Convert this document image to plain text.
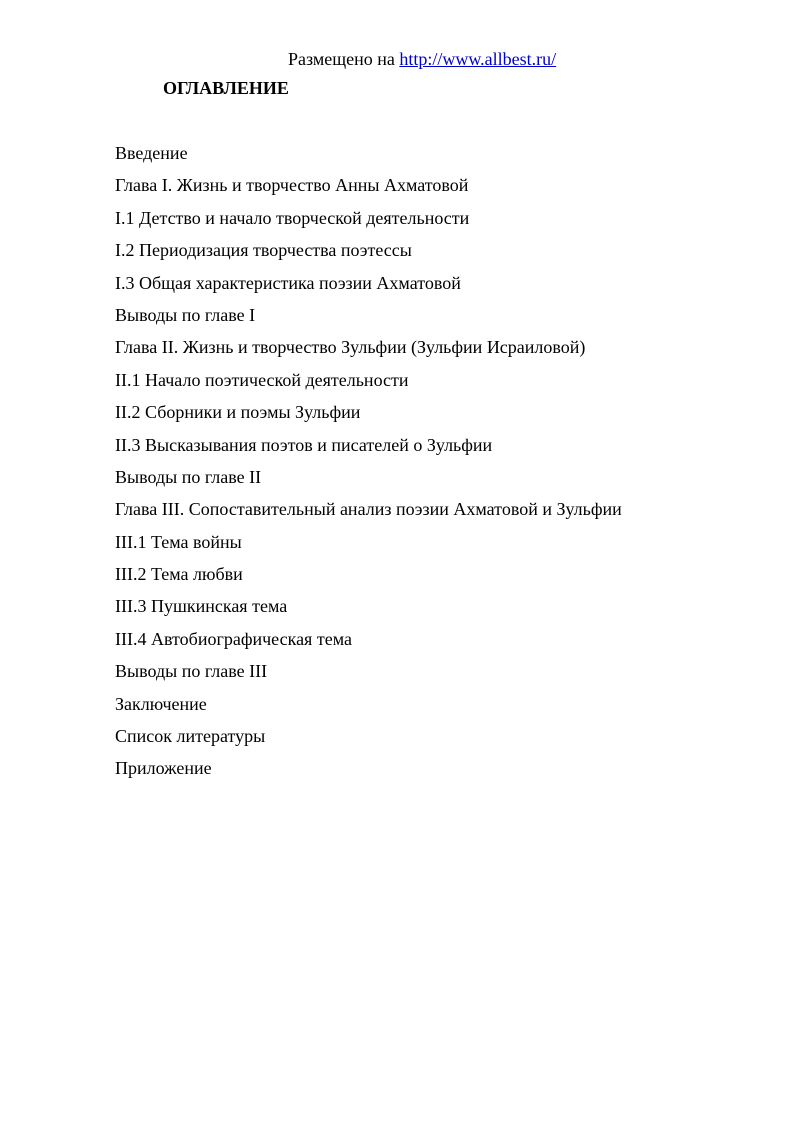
Размещено на http://www.allbest.ru/
ОГЛАВЛЕНИЕ
Введение
Глава I. Жизнь и творчество Анны Ахматовой
I.1 Детство и начало творческой деятельности
I.2 Периодизация творчества поэтессы
I.3 Общая характеристика поэзии Ахматовой
Выводы по главе I
Глава II. Жизнь и творчество Зульфии (Зульфии Исраиловой)
II.1 Начало поэтической деятельности
II.2 Сборники и поэмы Зульфии
II.3 Высказывания поэтов и писателей о Зульфии
Выводы по главе II
Глава III. Сопоставительный анализ поэзии Ахматовой и Зульфии
III.1 Тема войны
III.2 Тема любви
III.3 Пушкинская тема
III.4 Автобиографическая тема
Выводы по главе III
Заключение
Список литературы
Приложение
